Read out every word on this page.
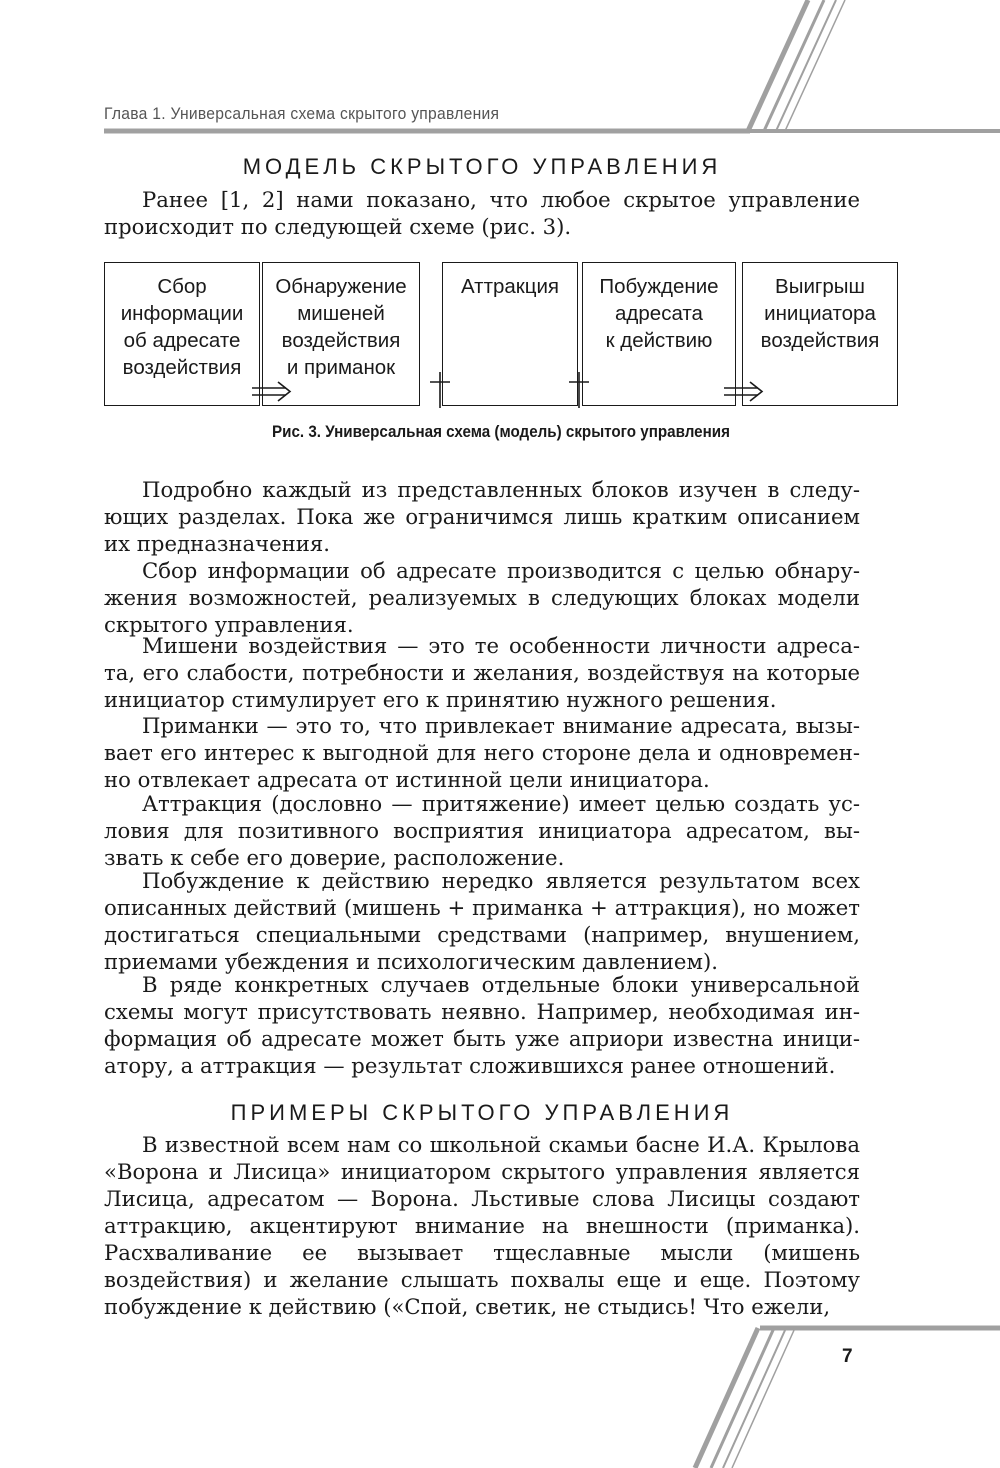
Глава 1. Универсальная схема скрытого управления
МОДЕЛЬ СКРЫТОГО УПРАВЛЕНИЯ

Ранее [1, 2] нами показано, что любое скрытое управление происходит по следующей схеме (рис. 3).

Сбор
информации
об адресате
воздействия
Обнаружение
мишеней
воздействия
и приманок
Аттракция	Побуждение
адресата
к действию
Выигрыш
инициатора
воздействия
Рис. 3. Универсальная схема (модель) скрытого управления

Подробно каждый из представленных блоков изучен в следующих разделах. Пока же ограничимся лишь кратким описанием их предназначения.

Сбор информации об адресате производится с целью обнаружения возможностей, реализуемых в следующих блоках модели скрытого управления.

Мишени воздействия — это те особенности личности адресата, его слабости, потребности и желания, воздействуя на которые инициатор стимулирует его к принятию нужного решения.

Приманки — это то, что привлекает внимание адресата, вызывает его интерес к выгодной для него стороне дела и одновременно отвлекает адресата от истинной цели инициатора.

Аттракция (дословно — притяжение) имеет целью создать условия для позитивного восприятия инициатора адресатом, вызвать к себе его доверие, расположение.

Побуждение к действию нередко является результатом всех описанных действий (мишень + приманка + аттракция), но может достигаться специальными средствами (например, внушением, приемами убеждения и психологическим давлением).

В ряде конкретных случаев отдельные блоки универсальной схемы могут присутствовать неявно. Например, необходимая информация об адресате может быть уже априори известна инициатору, а аттракция — результат сложившихся ранее отношений.

ПРИМЕРЫ СКРЫТОГО УПРАВЛЕНИЯ

В известной всем нам со школьной скамьи басне И.А. Крылова «Ворона и Лисица» инициатором скрытого управления является Лисица, адресатом — Ворона. Льстивые слова Лисицы создают аттракцию, акцентируют внимание на внешности (приманка). Расхваливание ее вызывает тщеславные мысли (мишень воздействия) и желание слышать похвалы еще и еще. Поэтому побуждение к действию («Спой, светик, не стыдись! Что ежели,

7
